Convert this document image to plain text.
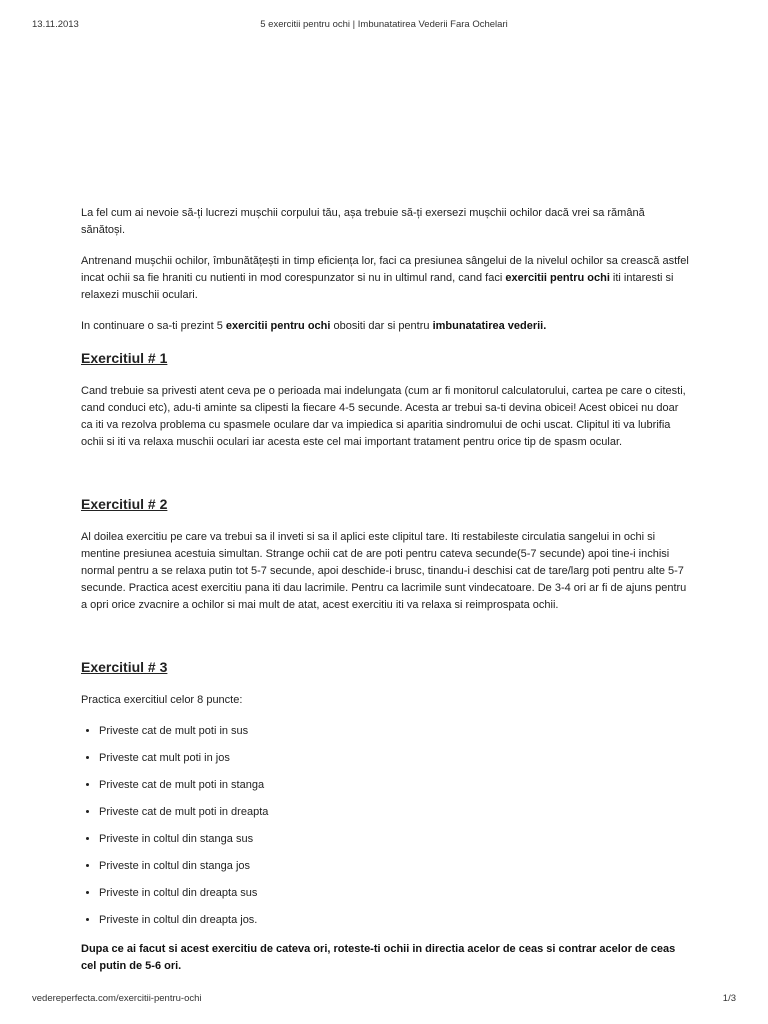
13.11.2013	5 exercitii pentru ochi | Imbunatatirea Vederii Fara Ochelari

La fel cum ai nevoie să-ți lucrezi mușchii corpului tău, așa trebuie să-ți exersezi mușchii ochilor dacă vrei sa rămână sănătoși.

Antrenand mușchii ochilor, îmbunătățești in timp eficiența lor, faci ca presiunea sângelui de la nivelul ochilor sa crească astfel incat ochii sa fie hraniti cu nutienti in mod corespunzator si nu in ultimul rand, cand faci exercitii pentru ochi iti intaresti si relaxezi muschii oculari.

In continuare o sa-ti prezint 5 exercitii pentru ochi obositi dar si pentru imbunatatirea vederii.

Exercitiul # 1

Cand trebuie sa privesti atent ceva pe o perioada mai indelungata (cum ar fi monitorul calculatorului, cartea pe care o citesti, cand conduci etc), adu-ti aminte sa clipesti la fiecare 4-5 secunde. Acesta ar trebui sa-ti devina obicei! Acest obicei nu doar ca iti va rezolva problema cu spasmele oculare dar va impiedica si aparitia sindromului de ochi uscat. Clipitul iti va lubrifia ochii si iti va relaxa muschii oculari iar acesta este cel mai important tratament pentru orice tip de spasm ocular.

Exercitiul # 2

Al doilea exercitiu pe care va trebui sa il inveti si sa il aplici este clipitul tare. Iti restabileste circulatia sangelui in ochi si mentine presiunea acestuia simultan. Strange ochii cat de are poti pentru cateva secunde(5-7 secunde) apoi tine-i inchisi normal pentru a se relaxa putin tot 5-7 secunde, apoi deschide-i brusc, tinandu-i deschisi cat de tare/larg poti pentru alte 5-7 secunde. Practica acest exercitiu pana iti dau lacrimile. Pentru ca lacrimile sunt vindecatoare. De 3-4 ori ar fi de ajuns pentru a opri orice zvacnire a ochilor si mai mult de atat, acest exercitiu iti va relaxa si reimprospata ochii.

Exercitiul # 3

Practica exercitiul celor 8 puncte:

• Priveste cat de mult poti in sus
• Priveste cat mult poti in jos
• Priveste cat de mult poti in stanga
• Priveste cat de mult poti in dreapta
• Priveste in coltul din stanga sus
• Priveste in coltul din stanga jos
• Priveste in coltul din dreapta sus
• Priveste in coltul din dreapta jos.

Dupa ce ai facut si acest exercitiu de cateva ori, roteste-ti ochii in directia acelor de ceas si contrar acelor de ceas cel putin de 5-6 ori.

vedereperfecta.com/exercitii-pentru-ochi	1/3
